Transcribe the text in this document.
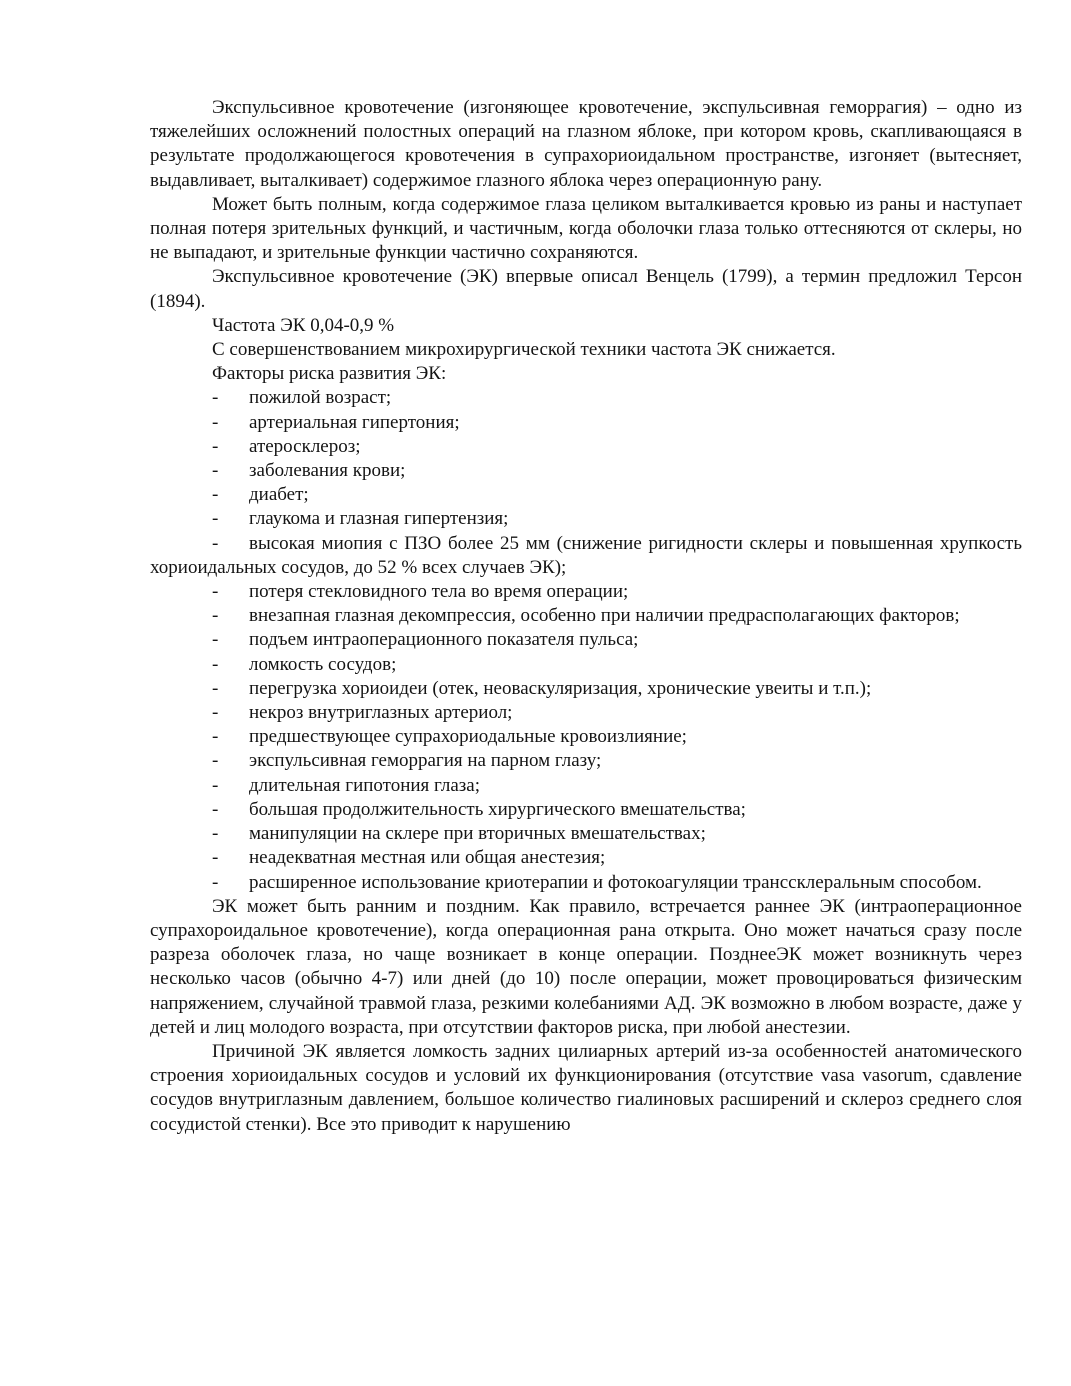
Экспульсивное кровотечение (изгоняющее кровотечение, экспульсивная геморрагия) – одно из тяжелейших осложнений полостных операций на глазном яблоке, при котором кровь, скапливающаяся в результате продолжающегося кровотечения в супрахориоидальном пространстве, изгоняет (вытесняет, выдавливает, выталкивает) содержимое глазного яблока через операционную рану.

Может быть полным, когда содержимое глаза целиком выталкивается кровью из раны и наступает полная потеря зрительных функций, и частичным, когда оболочки глаза только оттесняются от склеры, но не выпадают, и зрительные функции частично сохраняются.

Экспульсивное кровотечение (ЭК) впервые описал Венцель (1799), а термин предложил Терсон (1894).

Частота ЭК 0,04-0,9 %

С совершенствованием микрохирургической техники частота ЭК снижается.

Факторы риска развития ЭК:

- пожилой возраст;

- артериальная гипертония;

- атеросклероз;

- заболевания крови;

- диабет;

- глаукома и глазная гипертензия;

- высокая миопия с ПЗО более 25 мм (снижение ригидности склеры и повышенная хрупкость хориоидальных сосудов, до 52 % всех случаев ЭК);

- потеря стекловидного тела во время операции;

- внезапная глазная декомпрессия, особенно при наличии предрасполагающих факторов;

- подъем интраоперационного показателя пульса;

- ломкость сосудов;

- перегрузка хориоидеи (отек, неоваскуляризация, хронические увеиты и т.п.);

- некроз внутриглазных артериол;

- предшествующее супрахориодальные кровоизлияние;

- экспульсивная геморрагия на парном глазу;

- длительная гипотония глаза;

- большая продолжительность хирургического вмешательства;

- манипуляции на склере при вторичных вмешательствах;

- неадекватная местная или общая анестезия;

- расширенное использование криотерапии и фотокоагуляции транссклеральным способом.

ЭК может быть ранним и поздним. Как правило, встречается раннее ЭК (интраоперационное супрахороидальное кровотечение), когда операционная рана открыта. Оно может начаться сразу после разреза оболочек глаза, но чаще возникает в конце операции. ПозднееЭК может возникнуть через несколько часов (обычно 4-7) или дней (до 10) после операции, может провоцироваться физическим напряжением, случайной травмой глаза, резкими колебаниями АД. ЭК возможно в любом возрасте, даже у детей и лиц молодого возраста, при отсутствии факторов риска, при любой анестезии.

Причиной ЭК является ломкость задних цилиарных артерий из-за особенностей анатомического строения хориоидальных сосудов и условий их функционирования (отсутствие vasa vasorum, сдавление сосудов внутриглазным давлением, большое количество гиалиновых расширений и склероз среднего слоя сосудистой стенки). Все это приводит к нарушению
